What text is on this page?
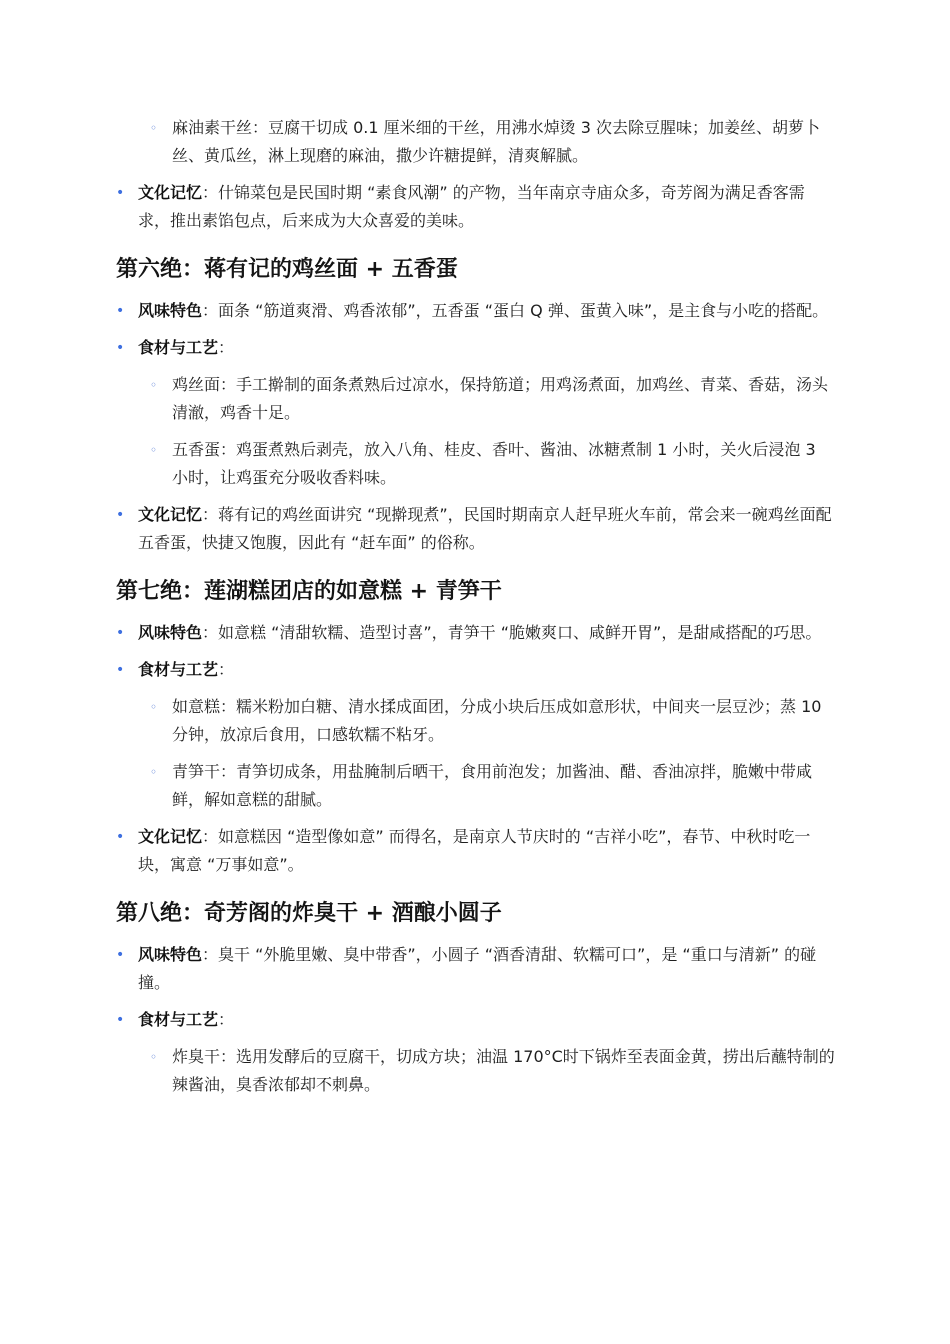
◦ 麻油素干丝：豆腐干切成 0.1 厘米细的干丝，用沸水焯烫 3 次去除豆腥味；加姜丝、胡萝卜丝、黄瓜丝，淋上现磨的麻油，撒少许糖提鲜，清爽解腻。
• 文化记忆：什锦菜包是民国时期 “素食风潮” 的产物，当年南京寺庙众多，奇芳阁为满足香客需求，推出素馅包点，后来成为大众喜爱的美味。
第六绝：蒋有记的鸡丝面 + 五香蛋
• 风味特色：面条 “筋道爽滑、鸡香浓郁”，五香蛋 “蛋白 Q 弹、蛋黄入味”，是主食与小吃的搭配。
• 食材与工艺：
◦ 鸡丝面：手工擀制的面条煮熟后过凉水，保持筋道；用鸡汤煮面，加鸡丝、青菜、香菇，汤头清澈，鸡香十足。
◦ 五香蛋：鸡蛋煮熟后剥壳，放入八角、桂皮、香叶、酱油、冰糖煮制 1 小时，关火后浸泡 3 小时，让鸡蛋充分吸收香料味。
• 文化记忆：蒋有记的鸡丝面讲究 “现擀现煮”，民国时期南京人赶早班火车前，常会来一碗鸡丝面配五香蛋，快捷又饱腹，因此有 “赶车面” 的俗称。
第七绝：莲湖糕团店的如意糕 + 青笋干
• 风味特色：如意糕 “清甜软糯、造型讨喜”，青笋干 “脆嫩爽口、咸鲜开胃”，是甜咸搭配的巧思。
• 食材与工艺：
◦ 如意糕：糯米粉加白糖、清水揉成面团，分成小块后压成如意形状，中间夹一层豆沙；蒸 10 分钟，放凉后食用，口感软糯不粘牙。
◦ 青笋干：青笋切成条，用盐腌制后晒干，食用前泡发；加酱油、醋、香油凉拌，脆嫩中带咸鲜，解如意糕的甜腻。
• 文化记忆：如意糕因 “造型像如意” 而得名，是南京人节庆时的 “吉祥小吃”，春节、中秋时吃一块，寓意 “万事如意”。
第八绝：奇芳阁的炸臭干 + 酒酿小圆子
• 风味特色：臭干 “外脆里嫩、臭中带香”，小圆子 “酒香清甜、软糯可口”，是 “重口与清新” 的碰撞。
• 食材与工艺：
◦ 炸臭干：选用发酵后的豆腐干，切成方块；油温 170°C时下锅炸至表面金黄，捞出后蘸特制的辣酱油，臭香浓郁却不刺鼻。
